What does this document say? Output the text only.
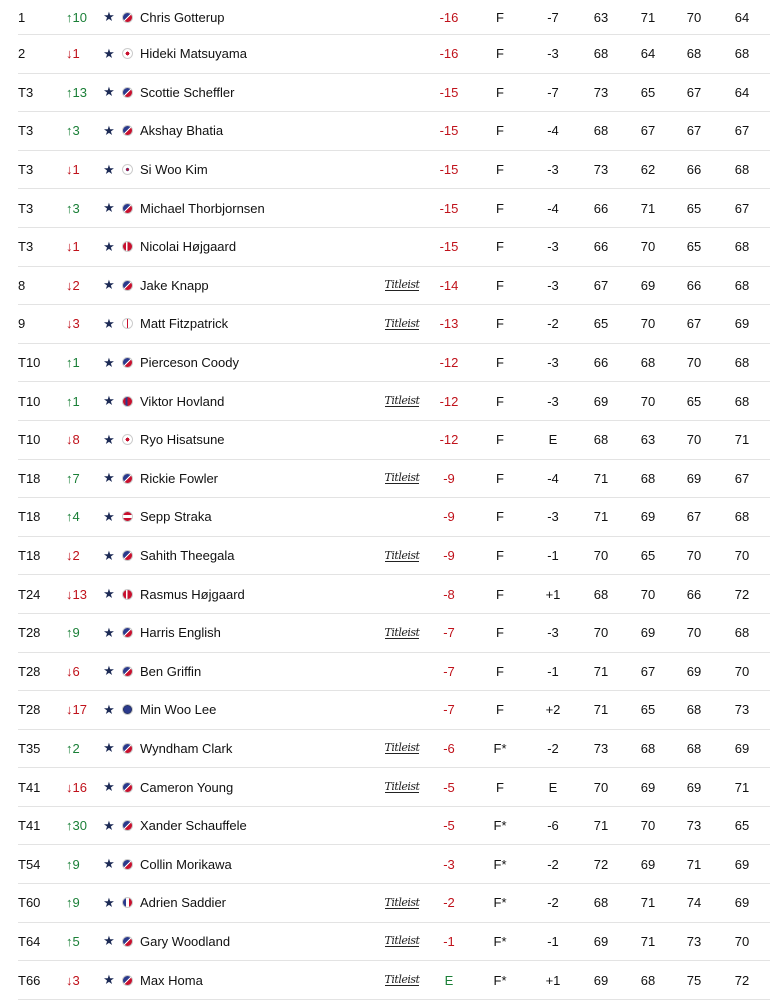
1	↑10	★ Chris Gotterup	-16	F	-7	63	71	70	64
2	↓1	★ Hideki Matsuyama	-16	F	-3	68	64	68	68
T3	↑13	★ Scottie Scheffler	-15	F	-7	73	65	67	64
T3	↑3	★ Akshay Bhatia	-15	F	-4	68	67	67	67
T3	↓1	★ Si Woo Kim	-15	F	-3	73	62	66	68
T3	↑3	★ Michael Thorbjornsen	-15	F	-4	66	71	65	67
T3	↓1	★ Nicolai Højgaard	-15	F	-3	66	70	65	68
8	↓2	★ Jake Knapp	Titleist	-14	F	-3	67	69	66	68
9	↓3	★ Matt Fitzpatrick	Titleist	-13	F	-2	65	70	67	69
T10	↑1	★ Pierceson Coody	-12	F	-3	66	68	70	68
T10	↑1	★ Viktor Hovland	Titleist	-12	F	-3	69	70	65	68
T10	↓8	★ Ryo Hisatsune	-12	F	E	68	63	70	71
T18	↑7	★ Rickie Fowler	Titleist	-9	F	-4	71	68	69	67
T18	↑4	★ Sepp Straka	-9	F	-3	71	69	67	68
T18	↓2	★ Sahith Theegala	Titleist	-9	F	-1	70	65	70	70
T24	↓13	★ Rasmus Højgaard	-8	F	+1	68	70	66	72
T28	↑9	★ Harris English	Titleist	-7	F	-3	70	69	70	68
T28	↓6	★ Ben Griffin	-7	F	-1	71	67	69	70
T28	↓17	★ Min Woo Lee	-7	F	+2	71	65	68	73
T35	↑2	★ Wyndham Clark	Titleist	-6	F*	-2	73	68	68	69
T41	↓16	★ Cameron Young	Titleist	-5	F	E	70	69	69	71
T41	↑30	★ Xander Schauffele	-5	F*	-6	71	70	73	65
T54	↑9	★ Collin Morikawa	-3	F*	-2	72	69	71	69
T60	↑9	★ Adrien Saddier	Titleist	-2	F*	-2	68	71	74	69
T64	↑5	★ Gary Woodland	Titleist	-1	F*	-1	69	71	73	70
T66	↓3	★ Max Homa	Titleist	E	F*	+1	69	68	75	72
